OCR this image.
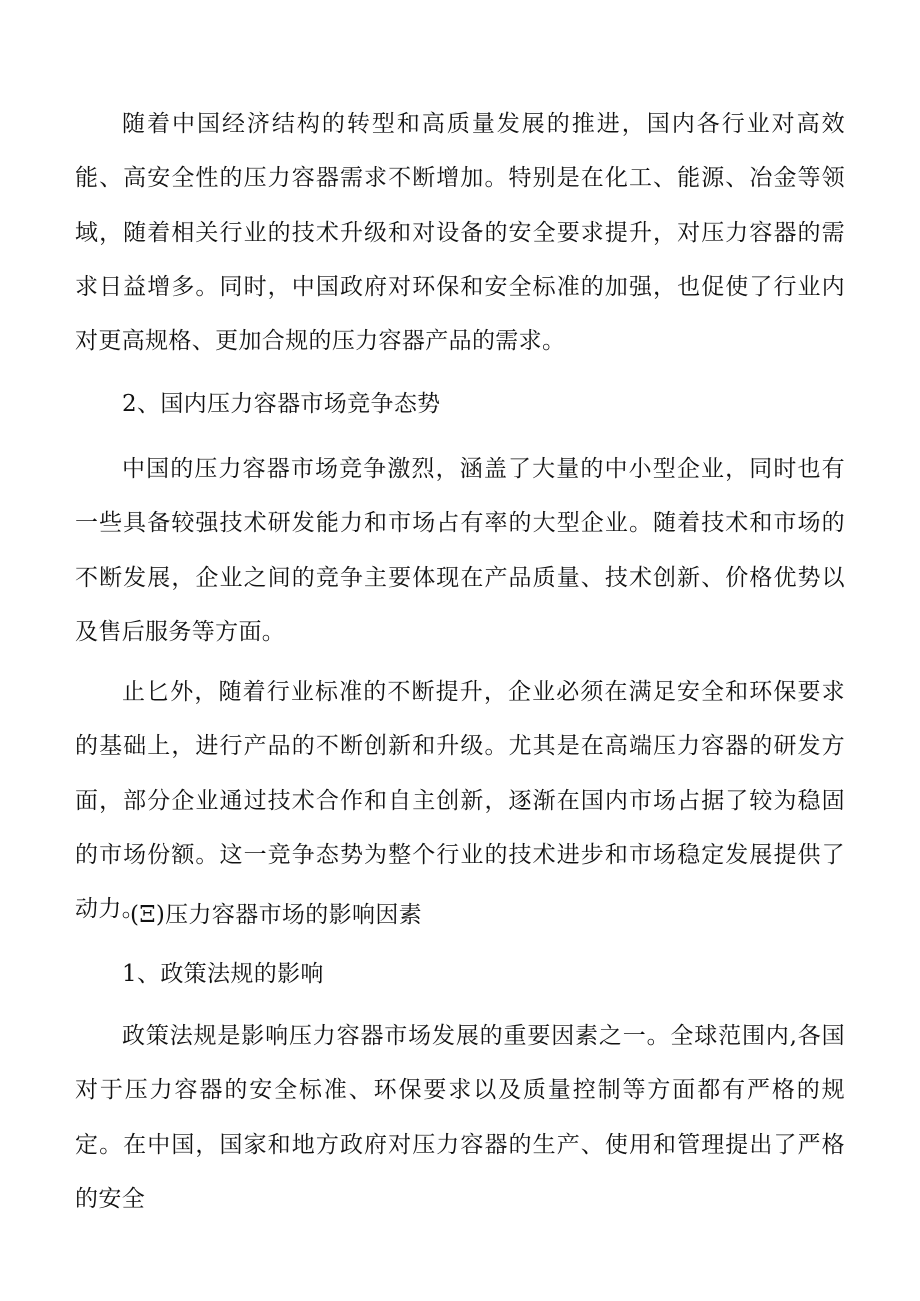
随着中国经济结构的转型和高质量发展的推进，国内各行业对高效能、高安全性的压力容器需求不断增加。特别是在化工、能源、冶金等领域，随着相关行业的技术升级和对设备的安全要求提升，对压力容器的需求日益增多。同时，中国政府对环保和安全标准的加强，也促使了行业内对更高规格、更加合规的压力容器产品的需求。

2、国内压力容器市场竞争态势

中国的压力容器市场竞争激烈，涵盖了大量的中小型企业，同时也有一些具备较强技术研发能力和市场占有率的大型企业。随着技术和市场的不断发展，企业之间的竞争主要体现在产品质量、技术创新、价格优势以及售后服务等方面。

止匕外，随着行业标准的不断提升，企业必须在满足安全和环保要求的基础上，进行产品的不断创新和升级。尤其是在高端压力容器的研发方面，部分企业通过技术合作和自主创新，逐渐在国内市场占据了较为稳固的市场份额。这一竞争态势为整个行业的技术进步和市场稳定发展提供了动力。

(Ξ)压力容器市场的影响因素

1、政策法规的影响

政策法规是影响压力容器市场发展的重要因素之一。全球范围内,各国对于压力容器的安全标准、环保要求以及质量控制等方面都有严格的规定。在中国，国家和地方政府对压力容器的生产、使用和管理提出了严格的安全
